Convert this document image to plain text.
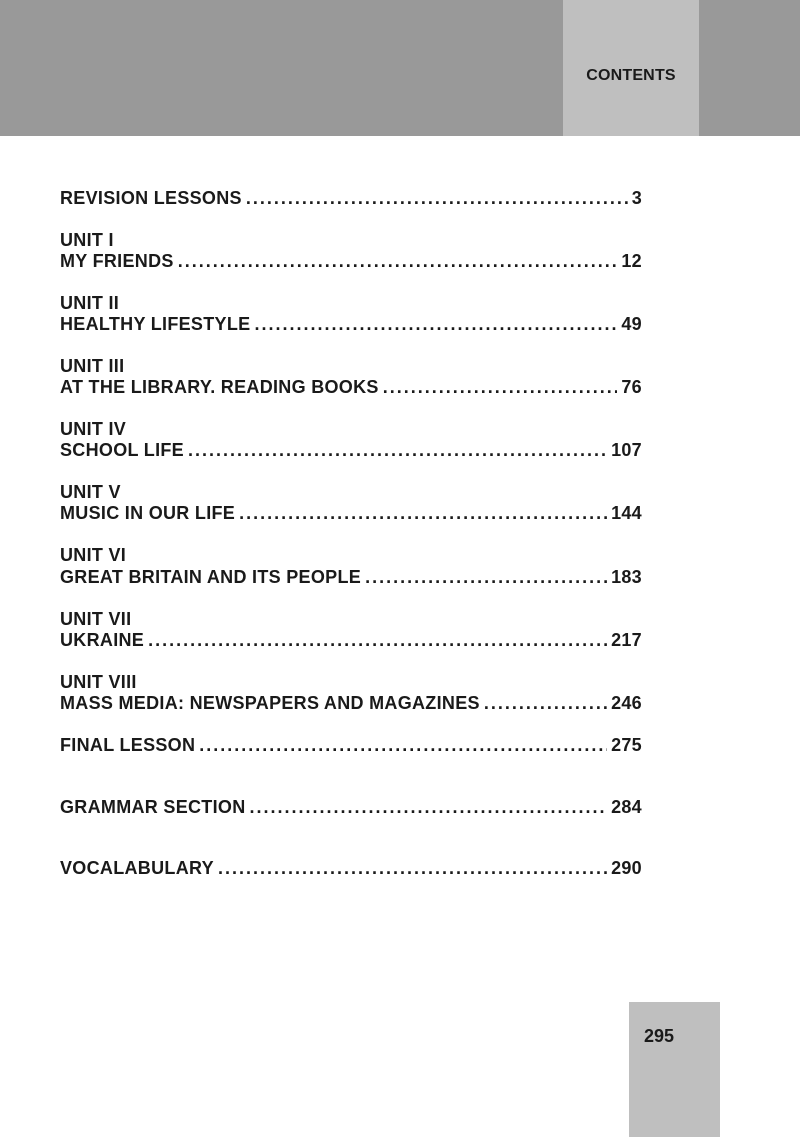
CONTENTS
REVISION LESSONS .....	3
UNIT I
MY FRIENDS .....	12
UNIT II
HEALTHY LIFESTYLE .....	49
UNIT III
AT THE LIBRARY. READING BOOKS .....	76
UNIT IV
SCHOOL LIFE .....	107
UNIT V
MUSIC IN OUR LIFE .....	144
UNIT VI
GREAT BRITAIN AND ITS PEOPLE .....	183
UNIT VII
UKRAINE .....	217
UNIT VIII
MASS MEDIA: NEWSPAPERS AND MAGAZINES .....	246
FINAL LESSON .....	275
GRAMMAR SECTION .....	284
VOCALABULARY .....	290
295
